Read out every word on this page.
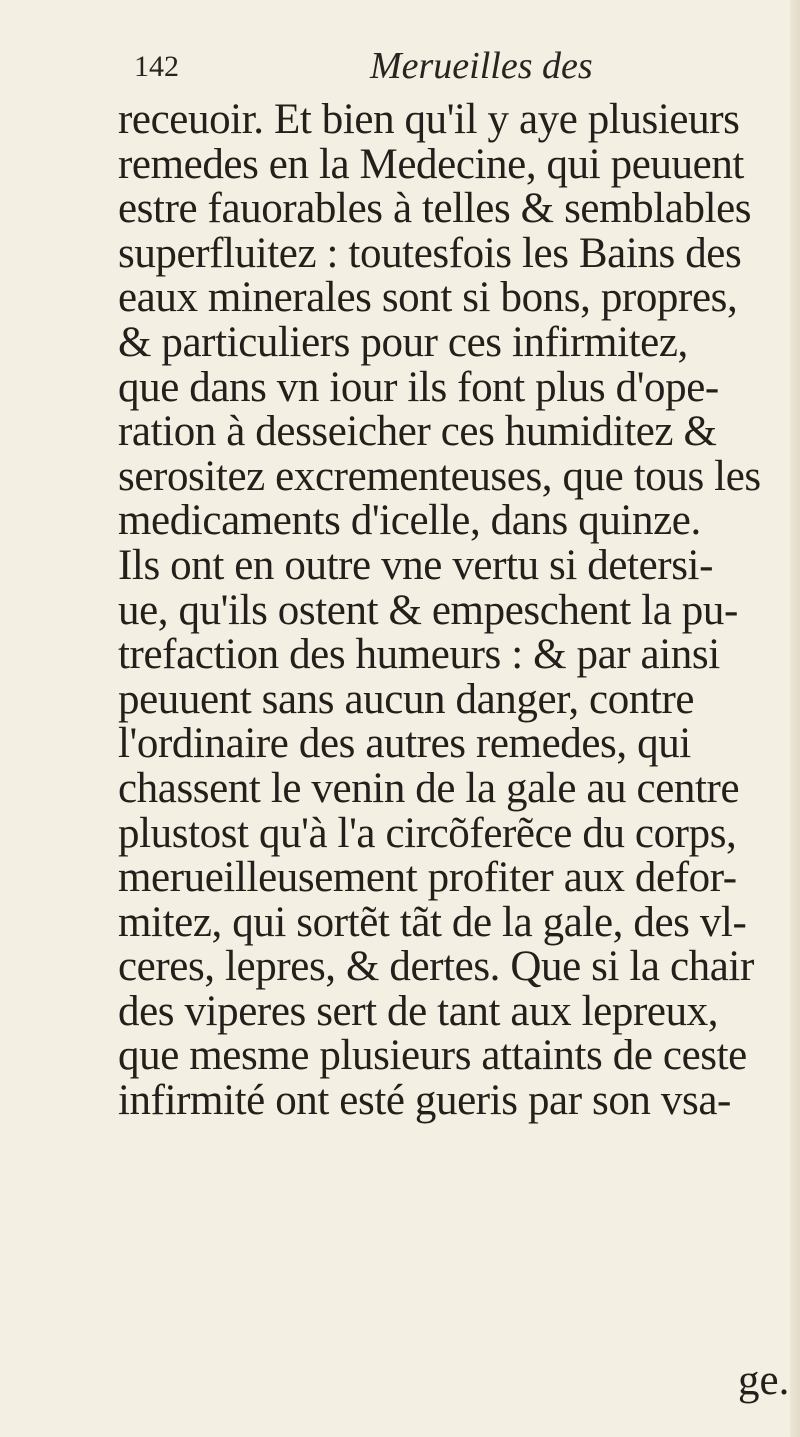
142	Merueilles des
receuoir. Et bien qu'il y aye plusieurs
remedes en la Medecine, qui peuuent
estre fauorables à telles & semblables
superfluitez : toutesfois les Bains des
eaux minerales sont si bons, propres,
& particuliers pour ces infirmitez,
que dans vn iour ils font plus d'ope-
ration à desseicher ces humiditez &
serositez excrementeuses, que tous les
medicaments d'icelle, dans quinze.
Ils ont en outre vne vertu si detersi-
ue, qu'ils ostent & empeschent la pu-
trefaction des humeurs : & par ainsi
peuuent sans aucun danger, contre
l'ordinaire des autres remedes, qui
chassent le venin de la gale au centre
plustost qu'à l'a circõferẽce du corps,
merueilleusement profiter aux defor-
mitez, qui sortẽt tãt de la gale, des vl-
ceres, lepres, & dertes. Que si la chair
des viperes sert de tant aux lepreux,
que mesme plusieurs attaints de ceste
infirmité ont esté gueris par son vsa-
ge.
